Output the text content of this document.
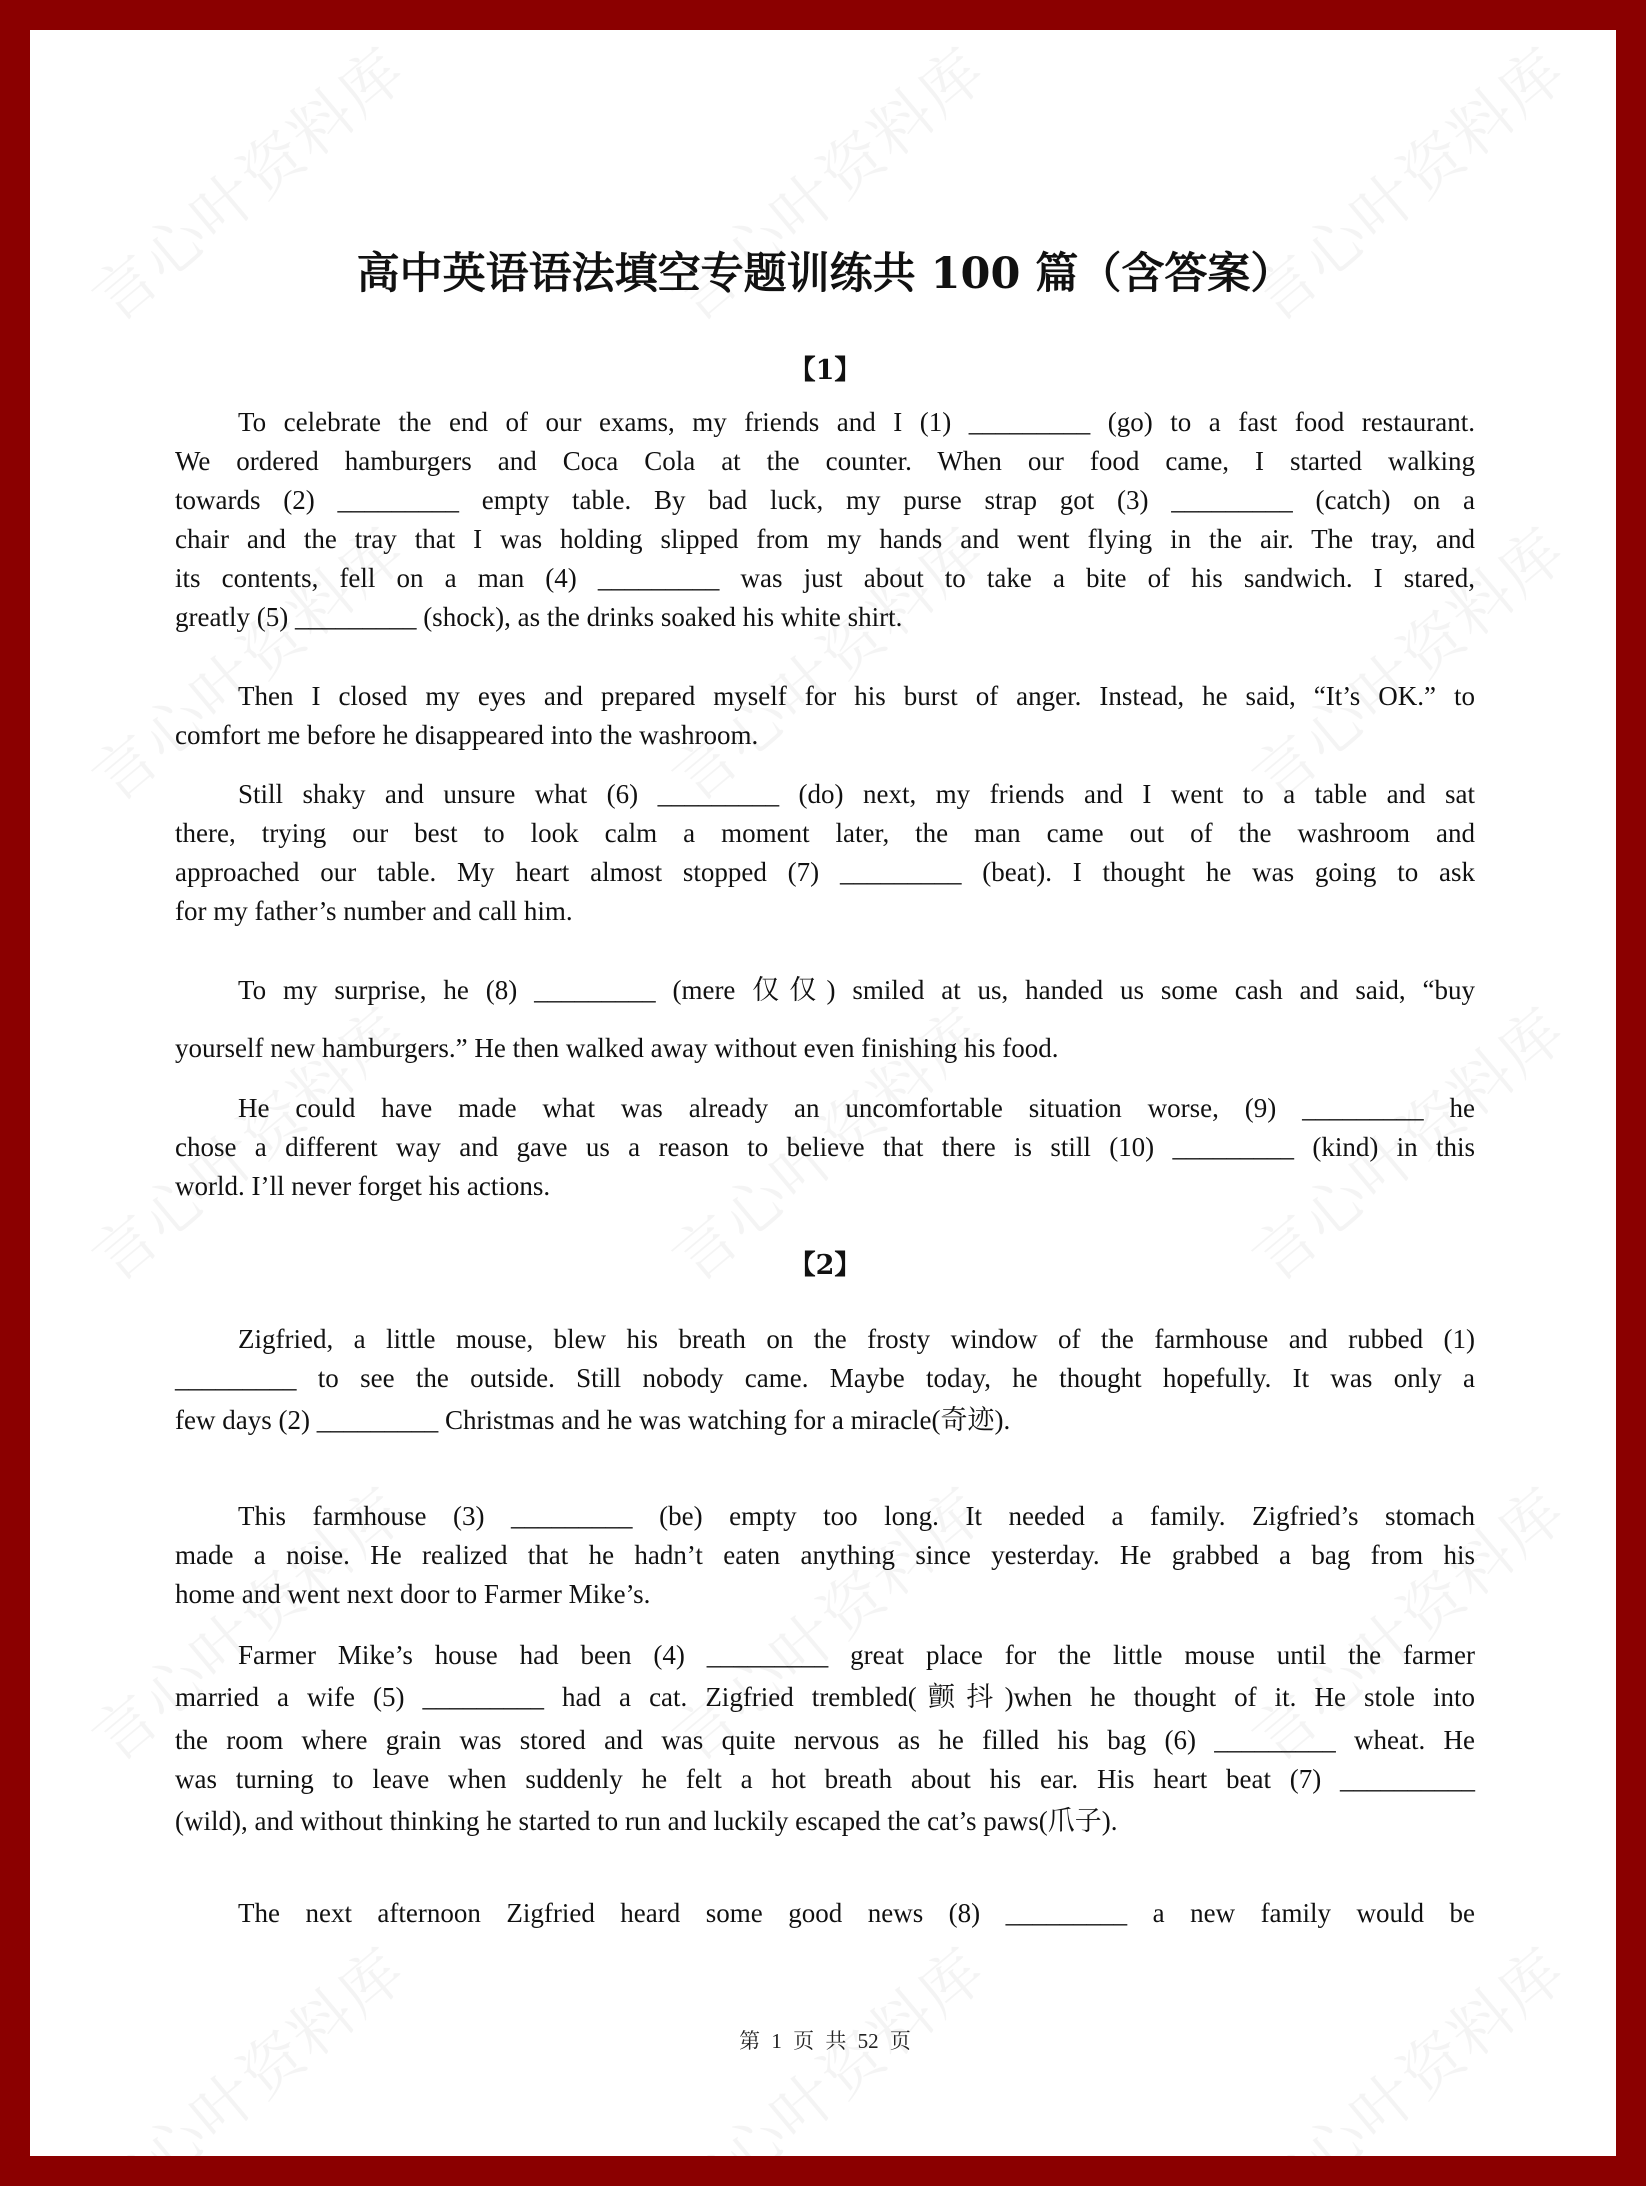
高中英语语法填空专题训练共 100 篇（含答案）
【1】
To celebrate the end of our exams, my friends and I (1) _________ (go) to a fast food restaurant.
We ordered hamburgers and Coca Cola at the counter. When our food came, I started walking
towards (2) _________ empty table. By bad luck, my purse strap got (3) _________ (catch) on a
chair and the tray that I was holding slipped from my hands and went flying in the air. The tray, and
its contents, fell on a man (4) _________ was just about to take a bite of his sandwich. I stared,
greatly (5) _________ (shock), as the drinks soaked his white shirt.
Then I closed my eyes and prepared myself for his burst of anger. Instead, he said, “It’s OK.” to
comfort me before he disappeared into the washroom.
Still shaky and unsure what (6) _________ (do) next, my friends and I went to a table and sat
there, trying our best to look calm a moment later, the man came out of the washroom and
approached our table. My heart almost stopped (7) _________ (beat). I thought he was going to ask
for my father’s number and call him.
To my surprise, he (8) _________ (mere 仅仅) smiled at us, handed us some cash and said, “buy
yourself new hamburgers.” He then walked away without even finishing his food.
He could have made what was already an uncomfortable situation worse, (9) _________ he
chose a different way and gave us a reason to believe that there is still (10) _________ (kind) in this
world. I’ll never forget his actions.
【2】
Zigfried, a little mouse, blew his breath on the frosty window of the farmhouse and rubbed (1)
_________ to see the outside. Still nobody came. Maybe today, he thought hopefully. It was only a
few days (2) _________ Christmas and he was watching for a miracle(奇迹).
This farmhouse (3) _________ (be) empty too long. It needed a family. Zigfried’s stomach
made a noise. He realized that he hadn’t eaten anything since yesterday. He grabbed a bag from his
home and went next door to Farmer Mike’s.
Farmer Mike’s house had been (4) _________ great place for the little mouse until the farmer
married a wife (5) _________ had a cat. Zigfried trembled(颤抖)when he thought of it. He stole into
the room where grain was stored and was quite nervous as he filled his bag (6) _________ wheat. He
was turning to leave when suddenly he felt a hot breath about his ear. His heart beat (7) __________
(wild), and without thinking he started to run and luckily escaped the cat’s paws(爪子).
The next afternoon Zigfried heard some good news (8) _________ a new family would be
第 1 页 共 52 页
